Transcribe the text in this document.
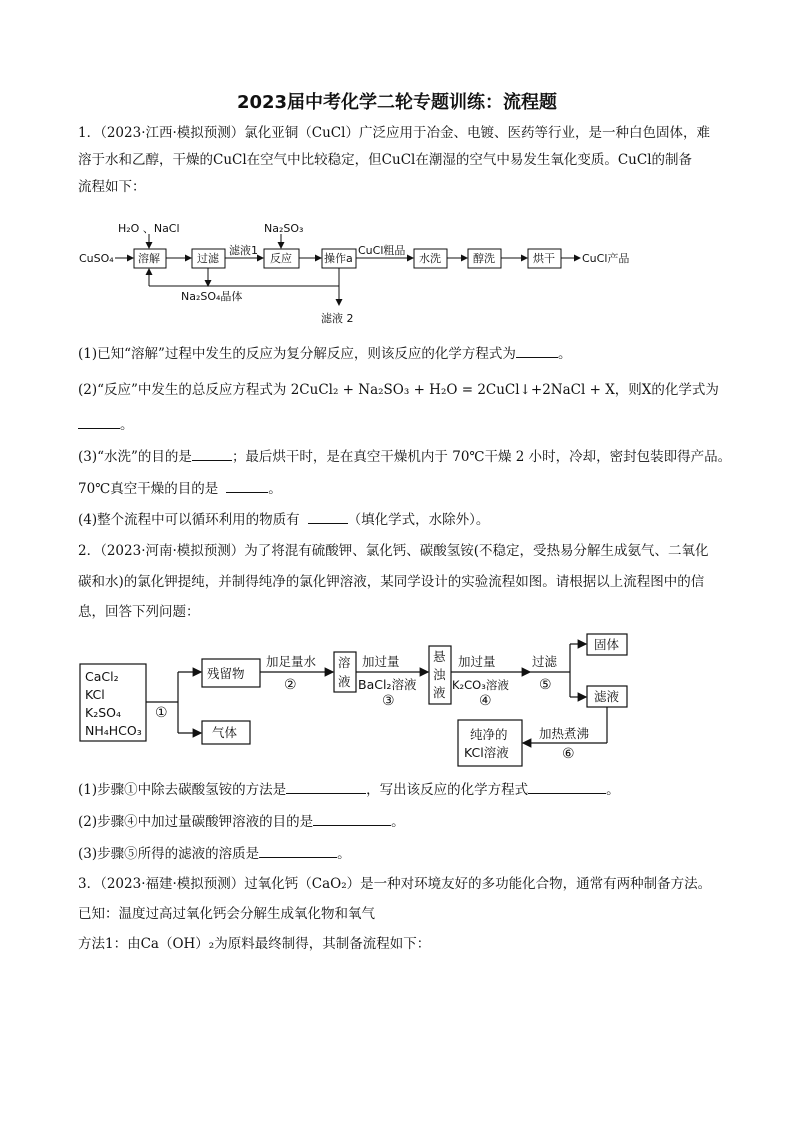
2023届中考化学二轮专题训练：流程题
1．（2023·江西·模拟预测）氯化亚铜（CuCl）广泛应用于冶金、电镀、医药等行业，是一种白色固体，难
溶于水和乙醇，干燥的CuCl在空气中比较稳定，但CuCl在潮湿的空气中易发生氧化变质。CuCl的制备
流程如下：
H₂O 、NaCl	Na₂SO₃
CuSO₄ 溶解	过滤
滤液1
反应	操作a
CuCl粗品
水洗	醇洗	烘干 CuCl产品
Na₂SO₄晶体
滤液 2
(1)已知“溶解”过程中发生的反应为复分解反应，则该反应的化学方程式为	。
(2)“反应”中发生的总反应方程式为 2CuCl₂ + Na₂SO₃ + H₂O = 2CuCl↓+2NaCl + X，则X的化学式为
。
(3)“水洗”的目的是	；最后烘干时，是在真空干燥机内于 70℃干燥 2 小时，冷却，密封包装即得产品。
70℃真空干燥的目的是	。
(4)整个流程中可以循环利用的物质有	（填化学式，水除外）。
2．（2023·河南·模拟预测）为了将混有硫酸钾、氯化钙、碳酸氢铵(不稳定，受热易分解生成氨气、二氧化
碳和水)的氯化钾提纯，并制得纯净的氯化钾溶液，某同学设计的实验流程如图。请根据以上流程图中的信
息，回答下列问题：
CaCl₂
KCl
K₂SO₄
NH₄HCO₃
①
残留物
气体
加足量水
②
溶
液
加过量
BaCl₂溶液
③
悬
浊
液
加过量
K₂CO₃溶液
④
过滤
⑤
固体
滤液
加热煮沸
⑥
纯净的
KCl溶液
(1)步骤①中除去碳酸氢铵的方法是	，写出该反应的化学方程式	。
(2)步骤④中加过量碳酸钾溶液的目的是	。
(3)步骤⑤所得的滤液的溶质是	。
3．（2023·福建·模拟预测）过氧化钙（CaO₂）是一种对环境友好的多功能化合物，通常有两种制备方法。
已知：温度过高过氧化钙会分解生成氧化物和氧气
方法1：由Ca（OH）₂为原料最终制得，其制备流程如下：
